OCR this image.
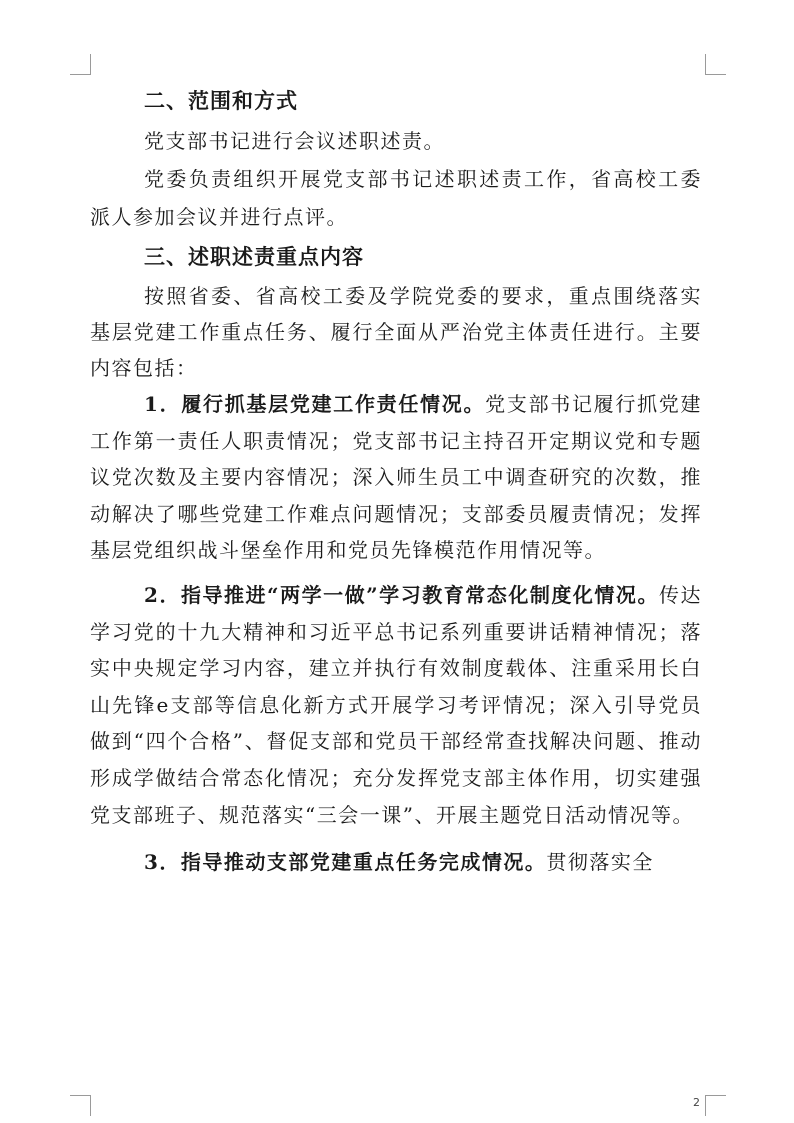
二、范围和方式

党支部书记进行会议述职述责。

党委负责组织开展党支部书记述职述责工作，省高校工委派人参加会议并进行点评。

三、述职述责重点内容

按照省委、省高校工委及学院党委的要求，重点围绕落实基层党建工作重点任务、履行全面从严治党主体责任进行。主要内容包括：

1．履行抓基层党建工作责任情况。党支部书记履行抓党建工作第一责任人职责情况；党支部书记主持召开定期议党和专题议党次数及主要内容情况；深入师生员工中调查研究的次数，推动解决了哪些党建工作难点问题情况；支部委员履责情况；发挥基层党组织战斗堡垒作用和党员先锋模范作用情况等。

2．指导推进“两学一做”学习教育常态化制度化情况。传达学习党的十九大精神和习近平总书记系列重要讲话精神情况；落实中央规定学习内容，建立并执行有效制度载体、注重采用长白山先锋e支部等信息化新方式开展学习考评情况；深入引导党员做到“四个合格”、督促支部和党员干部经常查找解决问题、推动形成学做结合常态化情况；充分发挥党支部主体作用，切实建强党支部班子、规范落实“三会一课”、开展主题党日活动情况等。

3．指导推动支部党建重点任务完成情况。贯彻落实全

2
